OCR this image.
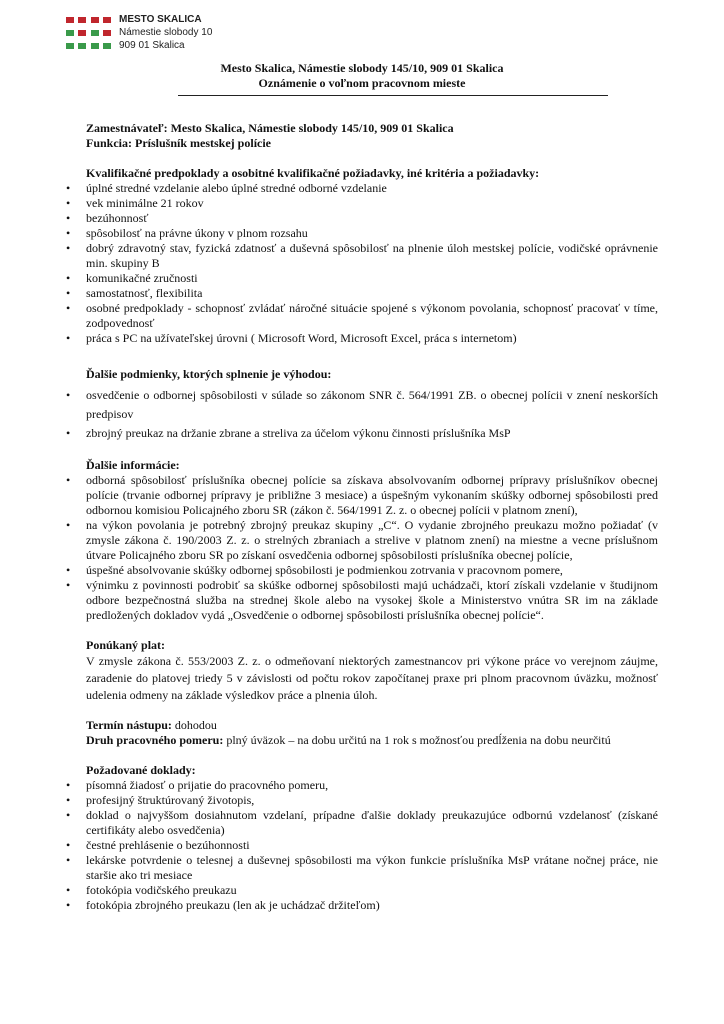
MESTO SKALICA
Námestie slobody 10
909 01 Skalica
Mesto Skalica, Námestie slobody 145/10, 909 01 Skalica
Oznámenie o voľnom pracovnom mieste

Zamestnávateľ: Mesto Skalica, Námestie slobody 145/10, 909 01 Skalica

Funkcia: Príslušník mestskej polície

Kvalifikačné predpoklady a osobitné kvalifikačné požiadavky, iné kritéria a požiadavky:

• úplné stredné vzdelanie alebo úplné stredné odborné vzdelanie
• vek minimálne 21 rokov
• bezúhonnosť
• spôsobilosť na právne úkony v plnom rozsahu
• dobrý zdravotný stav, fyzická zdatnosť a duševná spôsobilosť na plnenie úloh mestskej polície, vodičské oprávnenie min. skupiny B
• komunikačné zručnosti
• samostatnosť, flexibilita
• osobné predpoklady - schopnosť zvládať náročné situácie spojené s výkonom povolania, schopnosť pracovať v tíme, zodpovednosť
• práca s PC na užívateľskej úrovni ( Microsoft Word, Microsoft Excel, práca s internetom)

Ďalšie podmienky, ktorých splnenie je výhodou:

• osvedčenie o odbornej spôsobilosti v súlade so zákonom SNR č. 564/1991 ZB. o obecnej polícii v znení neskorších predpisov
• zbrojný preukaz na držanie zbrane a streliva za účelom výkonu činnosti príslušníka MsP

Ďalšie informácie:

• odborná spôsobilosť príslušníka obecnej polície sa získava absolvovaním odbornej prípravy príslušníkov obecnej polície (trvanie odbornej prípravy je približne 3 mesiace) a úspešným vykonaním skúšky odbornej spôsobilosti pred odbornou komisiou Policajného zboru SR (zákon č. 564/1991 Z. z. o obecnej polícii v platnom znení),
• na výkon povolania je potrebný zbrojný preukaz skupiny „C“. O vydanie zbrojného preukazu možno požiadať (v zmysle zákona č. 190/2003 Z. z. o strelných zbraniach a strelive v platnom znení) na miestne a vecne príslušnom útvare Policajného zboru SR po získaní osvedčenia odbornej spôsobilosti príslušníka obecnej polície,
• úspešné absolvovanie skúšky odbornej spôsobilosti je podmienkou zotrvania v pracovnom pomere,
• výnimku z povinnosti podrobiť sa skúške odbornej spôsobilosti majú uchádzači, ktorí získali vzdelanie v študijnom odbore bezpečnostná služba na strednej škole alebo na vysokej škole a Ministerstvo vnútra SR im na základe predložených dokladov vydá „Osvedčenie o odbornej spôsobilosti príslušníka obecnej polície“.

Ponúkaný plat:

V zmysle zákona č. 553/2003 Z. z. o odmeňovaní niektorých zamestnancov pri výkone práce vo verejnom záujme, zaradenie do platovej triedy 5 v závislosti od počtu rokov započítanej praxe pri plnom pracovnom úväzku, možnosť udelenia odmeny na základe výsledkov práce a plnenia úloh.

Termín nástupu: dohodou

Druh pracovného pomeru: plný úväzok – na dobu určitú na 1 rok s možnosťou predĺženia na dobu neurčitú

Požadované doklady:

• písomná žiadosť o prijatie do pracovného pomeru,
• profesijný štruktúrovaný životopis,
• doklad o najvyššom dosiahnutom vzdelaní, prípadne ďalšie doklady preukazujúce odbornú vzdelanosť (získané certifikáty alebo osvedčenia)
• čestné prehlásenie o bezúhonnosti
• lekárske potvrdenie o telesnej a duševnej spôsobilosti ma výkon funkcie príslušníka MsP vrátane nočnej práce, nie staršie ako tri mesiace
• fotokópia vodičského preukazu
• fotokópia zbrojného preukazu (len ak je uchádzač držiteľom)
